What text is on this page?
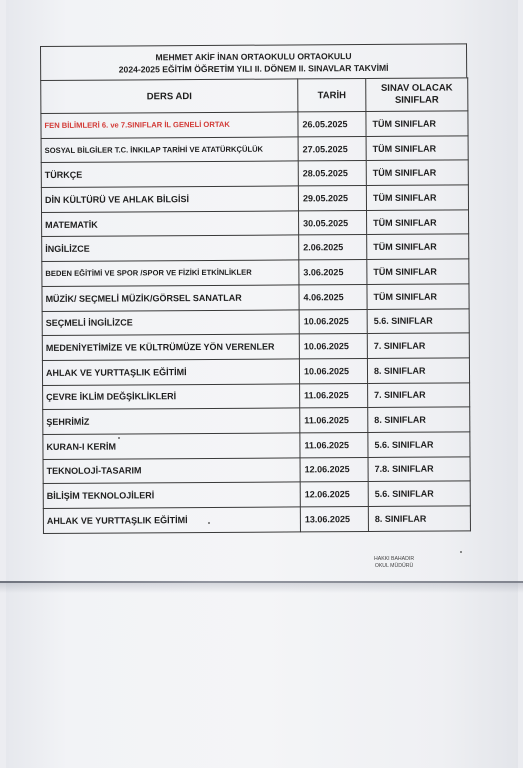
MEHMET AKİF İNAN ORTAOKULU ORTAOKULU
2024-2025 EĞİTİM ÖĞRETİM YILI II. DÖNEM II. SINAVLAR TAKVİMİ
DERS ADI	TARİH	SINAV OLACAK SINIFLAR
FEN BİLİMLERİ 6. ve 7.SINIFLAR İL GENELİ ORTAK	26.05.2025	TÜM SINIFLAR
SOSYAL BİLGİLER T.C. İNKILAP TARİHİ VE ATATÜRKÇÜLÜK	27.05.2025	TÜM SINIFLAR
TÜRKÇE	28.05.2025	TÜM SINIFLAR
DİN KÜLTÜRÜ VE AHLAK BİLGİSİ	29.05.2025	TÜM SINIFLAR
MATEMATİK	30.05.2025	TÜM SINIFLAR
İNGİLİZCE	2.06.2025	TÜM SINIFLAR
BEDEN EĞİTİMİ VE SPOR /SPOR VE FİZİKİ ETKİNLİKLER	3.06.2025	TÜM SINIFLAR
MÜZİK/ SEÇMELİ MÜZİK/GÖRSEL SANATLAR	4.06.2025	TÜM SINIFLAR
SEÇMELİ İNGİLİZCE	10.06.2025	5.6. SINIFLAR
MEDENİYETİMİZE VE KÜLTRÜMÜZE YÖN VERENLER	10.06.2025	7. SINIFLAR
AHLAK VE YURTTAŞLIK EĞİTİMİ	10.06.2025	8. SINIFLAR
ÇEVRE İKLİM DEĞŞİKLİKLERİ	11.06.2025	7. SINIFLAR
ŞEHRİMİZ	11.06.2025	8. SINIFLAR
KURAN-I KERİM	11.06.2025	5.6. SINIFLAR
TEKNOLOJİ-TASARIM	12.06.2025	7.8. SINIFLAR
BİLİŞİM TEKNOLOJİLERİ	12.06.2025	5.6. SINIFLAR
AHLAK VE YURTTAŞLIK EĞİTİMİ	13.06.2025	8. SINIFLAR
HAKKI BAHADIR
OKUL MÜDÜRÜ
